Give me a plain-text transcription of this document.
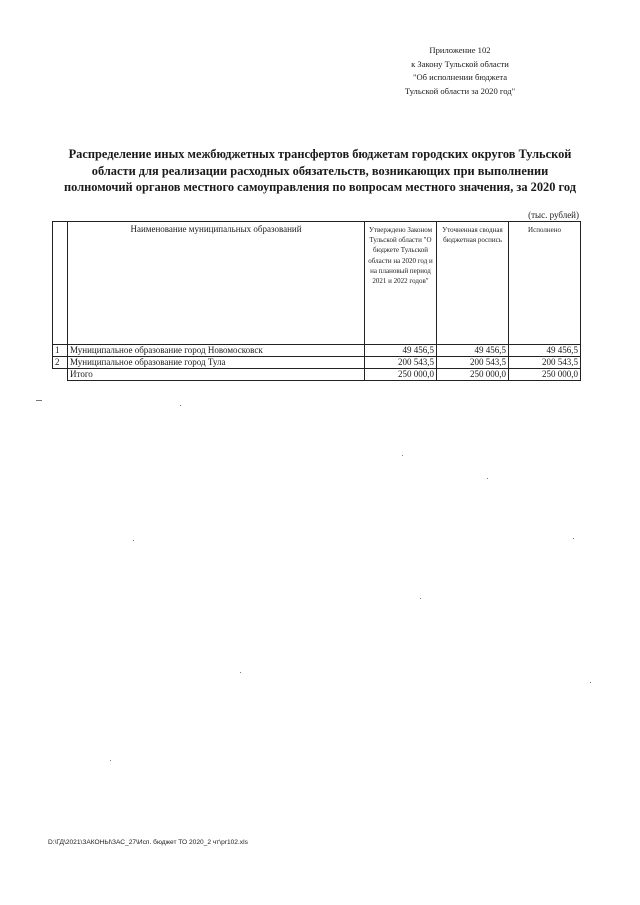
Приложение 102
к Закону Тульской области
"Об исполнении бюджета
Тульской области за 2020 год"
Распределение иных межбюджетных трансфертов бюджетам городских округов Тульской
области для реализации расходных обязательств, возникающих при выполнении
полномочий органов местного самоуправления по вопросам местного значения, за 2020 год
(тыс. рублей)
	Наименование муниципальных образований	Утверждено Законом Тульской области "О бюджете Тульской области на 2020 год и на плановый период 2021 и 2022 годов"	Уточненная сводная бюджетная роспись	Исполнено
1	Муниципальное образование город Новомосковск	49 456,5	49 456,5	49 456,5
2	Муниципальное образование город Тула	200 543,5	200 543,5	200 543,5
	Итого	250 000,0	250 000,0	250 000,0
D:\ГД\2021\ЗАКОНЫ\ЗАС_27\Исп. бюджет ТО 2020_2 чт\pr102.xls
